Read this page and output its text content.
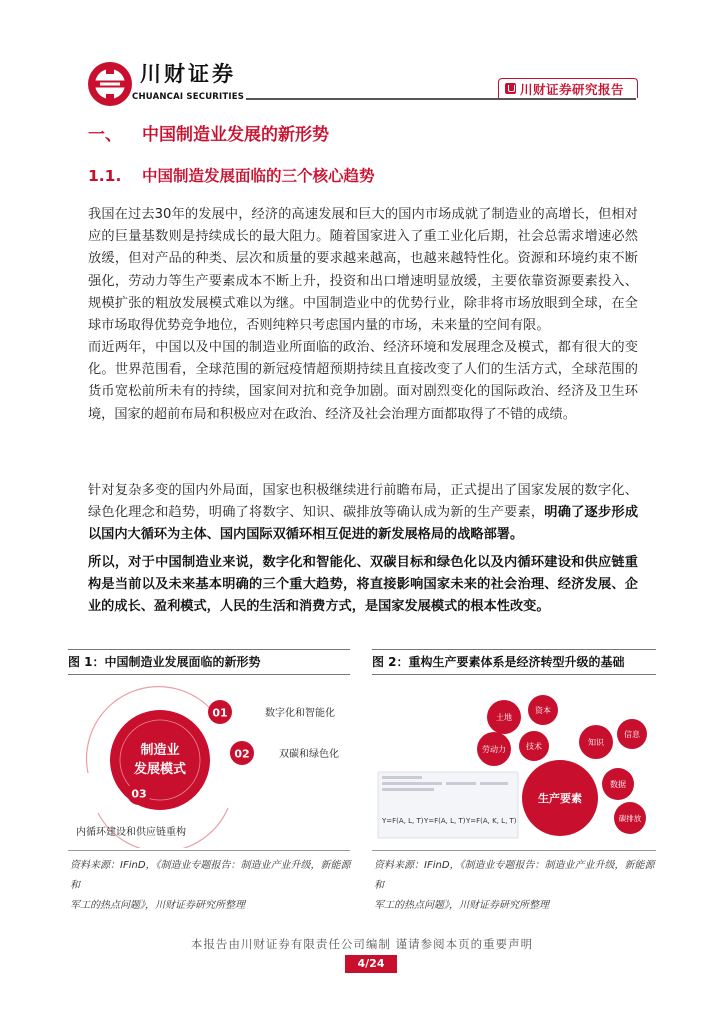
川财证券
CHUANCAI SECURITIES
川财证券研究报告
一、 中国制造业发展的新形势
1.1. 中国制造发展面临的三个核心趋势

我国在过去30年的发展中，经济的高速发展和巨大的国内市场成就了制造业的高增长，但相对应的巨量基数则是持续成长的最大阻力。随着国家进入了重工业化后期，社会总需求增速必然放缓，但对产品的种类、层次和质量的要求越来越高，也越来越特性化。资源和环境约束不断强化，劳动力等生产要素成本不断上升，投资和出口增速明显放缓，主要依靠资源要素投入、规模扩张的粗放发展模式难以为继。中国制造业中的优势行业，除非将市场放眼到全球，在全球市场取得优势竞争地位，否则纯粹只考虑国内量的市场，未来量的空间有限。

而近两年，中国以及中国的制造业所面临的政治、经济环境和发展理念及模式，都有很大的变化。世界范围看，全球范围的新冠疫情超预期持续且直接改变了人们的生活方式，全球范围的货币宽松前所未有的持续，国家间对抗和竞争加剧。面对剧烈变化的国际政治、经济及卫生环境，国家的超前布局和积极应对在政治、经济及社会治理方面都取得了不错的成绩。

针对复杂多变的国内外局面，国家也积极继续进行前瞻布局，正式提出了国家发展的数字化、绿色化理念和趋势，明确了将数字、知识、碳排放等确认成为新的生产要素，明确了逐步形成以国内大循环为主体、国内国际双循环相互促进的新发展格局的战略部署。

所以，对于中国制造业来说，数字化和智能化、双碳目标和绿色化以及内循环建设和供应链重构是当前以及未来基本明确的三个重大趋势，将直接影响国家未来的社会治理、经济发展、企业的成长、盈利模式，人民的生活和消费方式，是国家发展模式的根本性改变。

图 1：中国制造业发展面临的新形势
制造业
发展模式
01	数字化和智能化
02	双碳和绿色化
03
内循环建设和供应链重构
资料来源：IFinD，《制造业专题报告：制造业产业升级，新能源和
军工的热点问题》，川财证券研究所整理
图 2：重构生产要素体系是经济转型升级的基础
Y=F(A, L, T) Y=F(A, L, T) Y=F(A, K, L, T)
土地
资本
劳动力	技术	知识
信息
生产要素
数据
碳排放
资料来源：IFinD，《制造业专题报告：制造业产业升级，新能源和
军工的热点问题》，川财证券研究所整理
本报告由川财证券有限责任公司编制 谨请参阅本页的重要声明
4/24
